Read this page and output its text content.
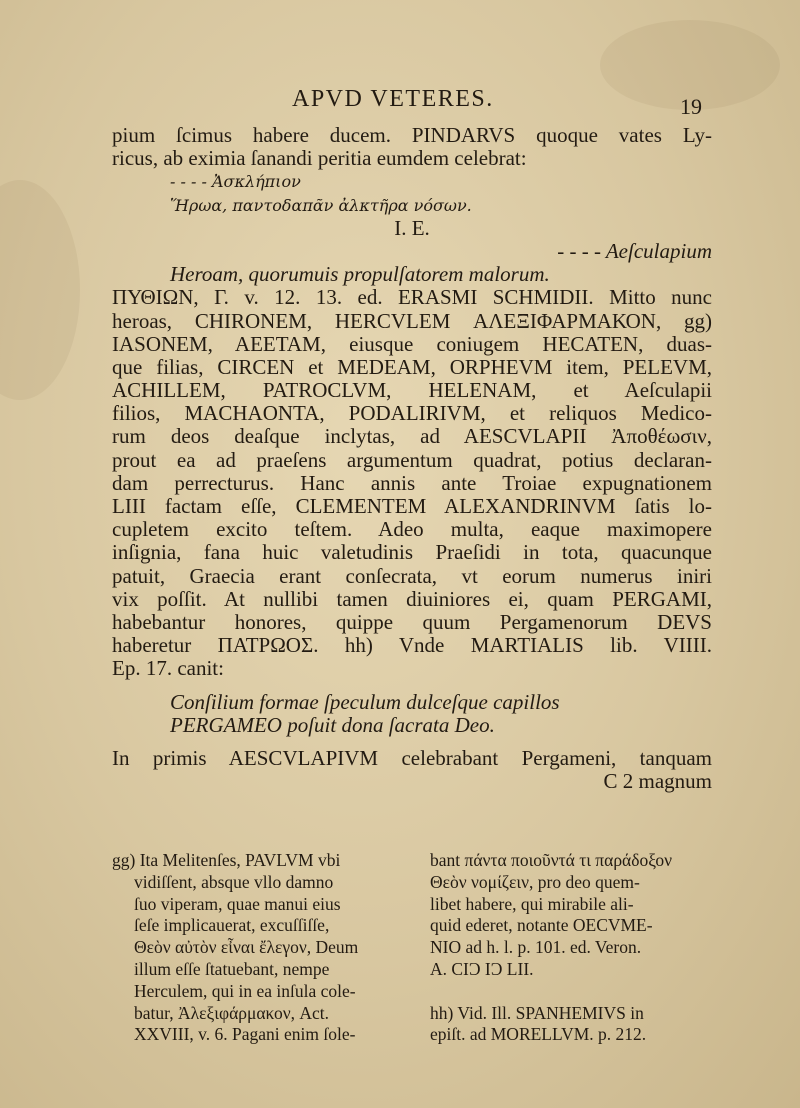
APVD VETERES.	19
pium ſcimus habere ducem. PINDARVS quoque vates Ly-
ricus, ab eximia ſanandi peritia eumdem celebrat:
- - - - Ἀσκλήπιον
Ἥρωα, παντοδαπᾶν ἀλκτῆρα νόσων.
I. E.
- - - - Aeſculapium
Heroam, quorumuis propulſatorem malorum.
ΠΥΘΙΩΝ, Γ. v. 12. 13. ed. ERASMI SCHMIDII. Mitto nunc
heroas, CHIRONEM, HERCVLEM ΑΛΕΞΙΦΑΡΜΑΚΟΝ, gg)
IASONEM, AEETAM, eiusque coniugem HECATEN, duas-
que filias, CIRCEN et MEDEAM, ORPHEVM item, PELEVM,
ACHILLEM, PATROCLVM, HELENAM, et Aeſculapii
filios, MACHAONTA, PODALIRIVM, et reliquos Medico-
rum deos deaſque inclytas, ad AESCVLAPII Ἀποθέωσιν,
prout ea ad praeſens argumentum quadrat, potius declaran-
dam perrecturus. Hanc annis ante Troiae expugnationem
LIII factam eſſe, CLEMENTEM ALEXANDRINVM ſatis lo-
cupletem excito teſtem. Adeo multa, eaque maximopere
inſignia, fana huic valetudinis Praeſidi in tota, quacunque
patuit, Graecia erant conſecrata, vt eorum numerus iniri
vix poſſit. At nullibi tamen diuiniores ei, quam PERGAMI,
habebantur honores, quippe quum Pergamenorum DEVS
haberetur ΠΑΤΡΩΟΣ. hh) Vnde MARTIALIS lib. VIIII.
Ep. 17. canit:
Conſilium formae ſpeculum dulceſque capillos
PERGAMEO poſuit dona ſacrata Deo.
In primis AESCVLAPIVM celebrabant Pergameni, tanquam
C 2 magnum
gg) Ita Melitenſes, PAVLVM vbi
vidiſſent, absque vllo damno
ſuo viperam, quae manui eius
ſeſe implicauerat, excuſſiſſe,
Θεὸν αὐτὸν εἶναι ἔλεγον, Deum
illum eſſe ſtatuebant, nempe
Herculem, qui in ea inſula cole-
batur, Ἀλεξιφάρμακον, Act.
XXVIII, v. 6. Pagani enim ſole-
bant πάντα ποιοῦντά τι παράδοξον
Θεὸν νομίζειν, pro deo quem-
libet habere, qui mirabile ali-
quid ederet, notante OECVME-
NIO ad h. l. p. 101. ed. Veron.
A. CIƆ IƆ LII.
hh) Vid. Ill. SPANHEMIVS in
epiſt. ad MORELLVM. p. 212.
